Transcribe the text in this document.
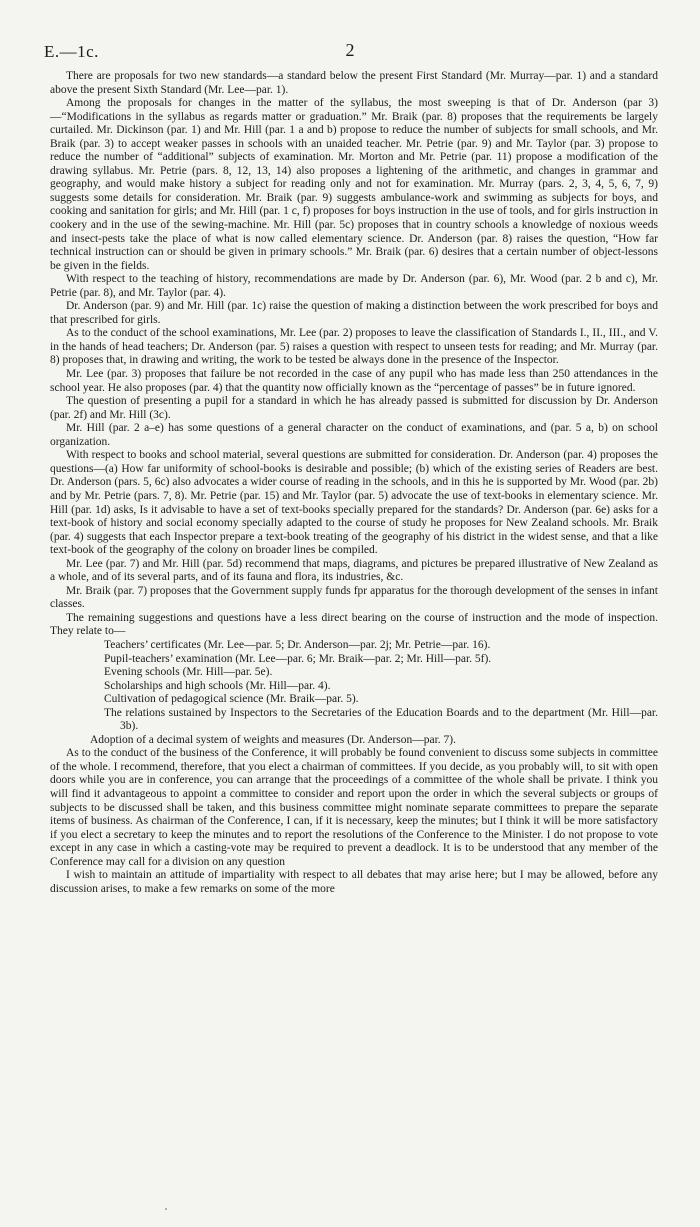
E.—1c.	2

There are proposals for two new standards—a standard below the present First Standard (Mr. Murray—par. 1) and a standard above the present Sixth Standard (Mr. Lee—par. 1).

Among the proposals for changes in the matter of the syllabus, the most sweeping is that of Dr. Anderson (par 3)—“Modifications in the syllabus as regards matter or graduation.” Mr. Braik (par. 8) proposes that the requirements be largely curtailed. Mr. Dickinson (par. 1) and Mr. Hill (par. 1 a and b) propose to reduce the number of subjects for small schools, and Mr. Braik (par. 3) to accept weaker passes in schools with an unaided teacher. Mr. Petrie (par. 9) and Mr. Taylor (par. 3) propose to reduce the number of “additional” subjects of examination. Mr. Morton and Mr. Petrie (par. 11) propose a modification of the drawing syllabus. Mr. Petrie (pars. 8, 12, 13, 14) also proposes a lightening of the arithmetic, and changes in grammar and geography, and would make history a subject for reading only and not for examination. Mr. Murray (pars. 2, 3, 4, 5, 6, 7, 9) suggests some details for consideration. Mr. Braik (par. 9) suggests ambulance-work and swimming as subjects for boys, and cooking and sanitation for girls; and Mr. Hill (par. 1 c, f) proposes for boys instruction in the use of tools, and for girls instruction in cookery and in the use of the sewing-machine. Mr. Hill (par. 5c) proposes that in country schools a knowledge of noxious weeds and insect-pests take the place of what is now called elementary science. Dr. Anderson (par. 8) raises the question, “How far technical instruction can or should be given in primary schools.” Mr. Braik (par. 6) desires that a certain number of object-lessons be given in the fields.

With respect to the teaching of history, recommendations are made by Dr. Anderson (par. 6), Mr. Wood (par. 2 b and c), Mr. Petrie (par. 8), and Mr. Taylor (par. 4).

Dr. Anderson (par. 9) and Mr. Hill (par. 1c) raise the question of making a distinction between the work prescribed for boys and that prescribed for girls.

As to the conduct of the school examinations, Mr. Lee (par. 2) proposes to leave the classification of Standards I., II., III., and V. in the hands of head teachers; Dr. Anderson (par. 5) raises a question with respect to unseen tests for reading; and Mr. Murray (par. 8) proposes that, in drawing and writing, the work to be tested be always done in the presence of the Inspector.

Mr. Lee (par. 3) proposes that failure be not recorded in the case of any pupil who has made less than 250 attendances in the school year. He also proposes (par. 4) that the quantity now officially known as the “percentage of passes” be in future ignored.

The question of presenting a pupil for a standard in which he has already passed is submitted for discussion by Dr. Anderson (par. 2f) and Mr. Hill (3c).

Mr. Hill (par. 2 a–e) has some questions of a general character on the conduct of examinations, and (par. 5 a, b) on school organization.

With respect to books and school material, several questions are submitted for consideration. Dr. Anderson (par. 4) proposes the questions—(a) How far uniformity of school-books is desirable and possible; (b) which of the existing series of Readers are best. Dr. Anderson (pars. 5, 6c) also advocates a wider course of reading in the schools, and in this he is supported by Mr. Wood (par. 2b) and by Mr. Petrie (pars. 7, 8). Mr. Petrie (par. 15) and Mr. Taylor (par. 5) advocate the use of text-books in elementary science. Mr. Hill (par. 1d) asks, Is it advisable to have a set of text-books specially prepared for the standards? Dr. Anderson (par. 6e) asks for a text-book of history and social economy specially adapted to the course of study he proposes for New Zealand schools. Mr. Braik (par. 4) suggests that each Inspector prepare a text-book treating of the geography of his district in the widest sense, and that a like text-book of the geography of the colony on broader lines be compiled.

Mr. Lee (par. 7) and Mr. Hill (par. 5d) recommend that maps, diagrams, and pictures be prepared illustrative of New Zealand as a whole, and of its several parts, and of its fauna and flora, its industries, &c.

Mr. Braik (par. 7) proposes that the Government supply funds fpr apparatus for the thorough development of the senses in infant classes.

The remaining suggestions and questions have a less direct bearing on the course of instruction and the mode of inspection. They relate to—

Teachers’ certificates (Mr. Lee—par. 5; Dr. Anderson—par. 2j; Mr. Petrie—par. 16).
Pupil-teachers’ examination (Mr. Lee—par. 6; Mr. Braik—par. 2; Mr. Hill—par. 5f).
Evening schools (Mr. Hill—par. 5e).
Scholarships and high schools (Mr. Hill—par. 4).
Cultivation of pedagogical science (Mr. Braik—par. 5).
The relations sustained by Inspectors to the Secretaries of the Education Boards and to the department (Mr. Hill—par. 3b).

Adoption of a decimal system of weights and measures (Dr. Anderson—par. 7).

As to the conduct of the business of the Conference, it will probably be found convenient to discuss some subjects in committee of the whole. I recommend, therefore, that you elect a chairman of committees. If you decide, as you probably will, to sit with open doors while you are in conference, you can arrange that the proceedings of a committee of the whole shall be private. I think you will find it advantageous to appoint a committee to consider and report upon the order in which the several subjects or groups of subjects to be discussed shall be taken, and this business committee might nominate separate committees to prepare the separate items of business. As chairman of the Conference, I can, if it is necessary, keep the minutes; but I think it will be more satisfactory if you elect a secretary to keep the minutes and to report the resolutions of the Conference to the Minister. I do not propose to vote except in any case in which a casting-vote may be required to prevent a deadlock. It is to be understood that any member of the Conference may call for a division on any question

I wish to maintain an attitude of impartiality with respect to all debates that may arise here; but I may be allowed, before any discussion arises, to make a few remarks on some of the more
